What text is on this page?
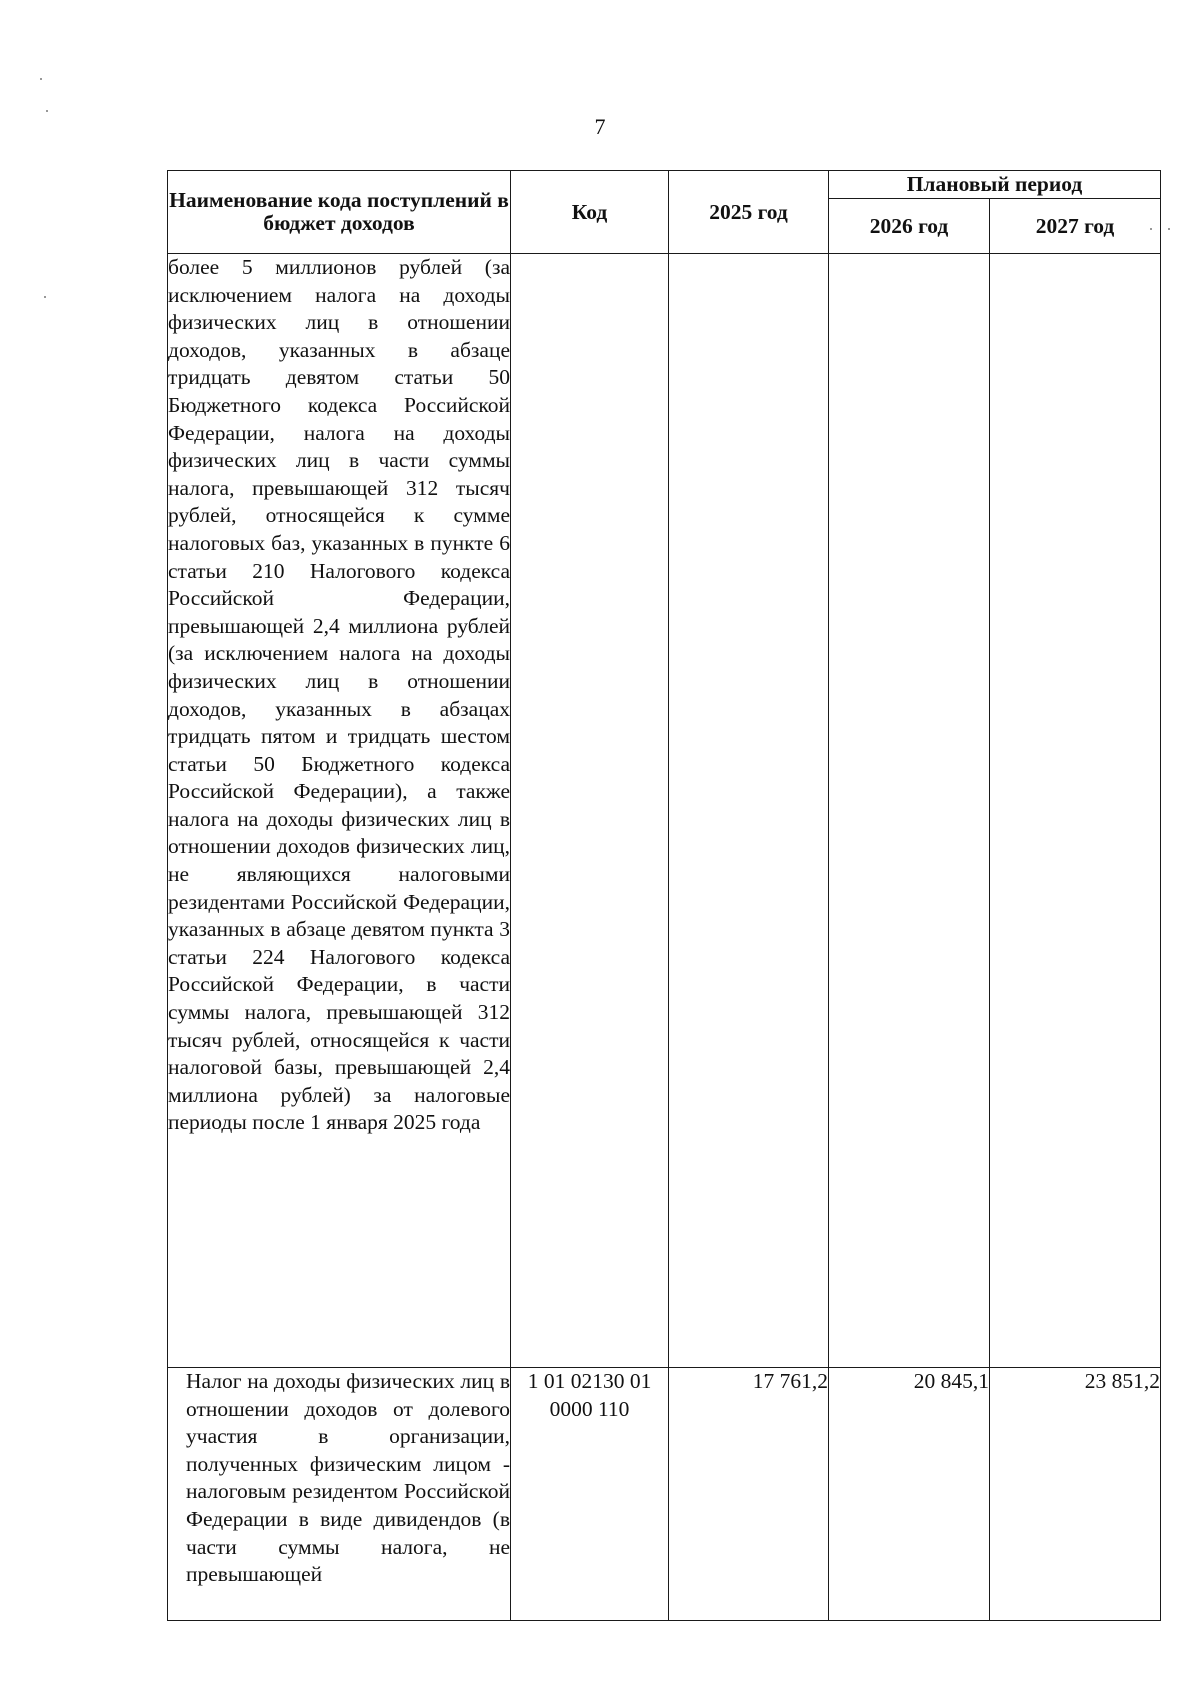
7
Наименование кода поступлений в бюджет доходов	Код	2025 год	Плановый период	
			2026 год	2027 год
более 5 миллионов рублей (за исключением налога на доходы физических лиц в отношении доходов, указанных в абзаце тридцать девятом статьи 50 Бюджетного кодекса Российской Федерации, налога на доходы физических лиц в части суммы налога, превышающей 312 тысяч рублей, относящейся к сумме налоговых баз, указанных в пункте 6 статьи 210 Налогового кодекса Российской Федерации, превышающей 2,4 миллиона рублей (за исключением налога на доходы физических лиц в отношении доходов, указанных в абзацах тридцать пятом и тридцать шестом статьи 50 Бюджетного кодекса Российской Федерации), а также налога на доходы физических лиц в отношении доходов физических лиц, не являющихся налоговыми резидентами Российской Федерации, указанных в абзаце девятом пункта 3 статьи 224 Налогового кодекса Российской Федерации, в части суммы налога, превышающей 312 тысяч рублей, относящейся к части налоговой базы, превышающей 2,4 миллиона рублей) за налоговые периоды после 1 января 2025 года				
Налог на доходы физических лиц в отношении доходов от долевого участия в организации, полученных физическим лицом - налоговым резидентом Российской Федерации в виде дивидендов (в части суммы налога, не превышающей	1 01 02130 01 0000 110	17 761,2	20 845,1	23 851,2
